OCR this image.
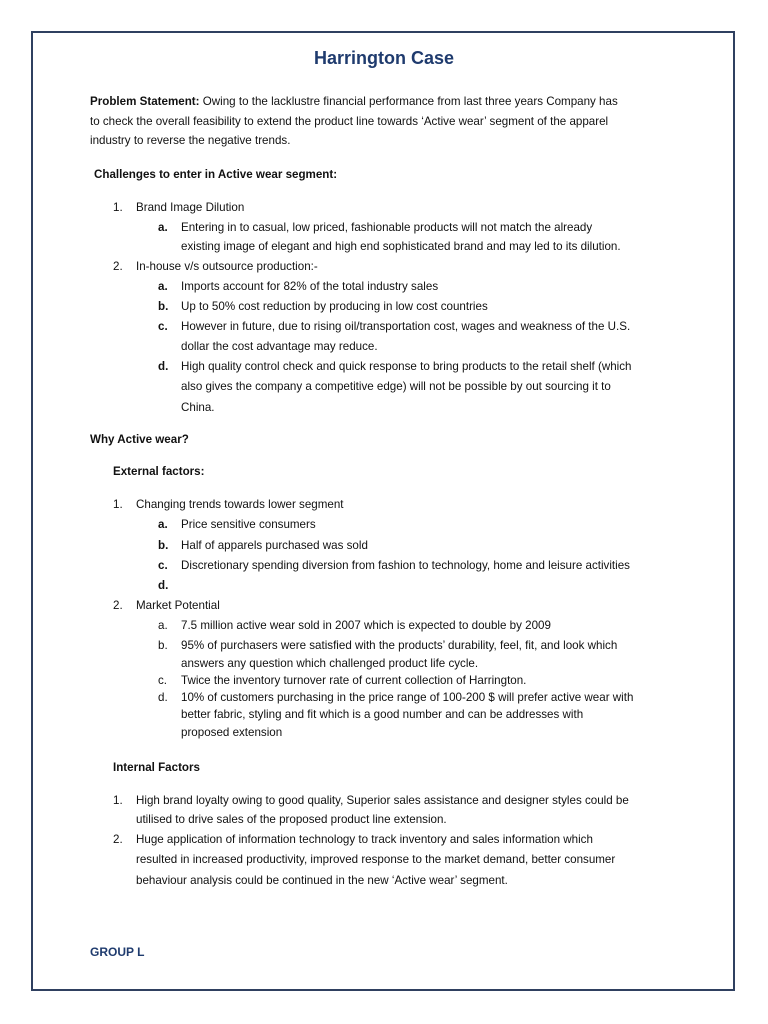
Harrington Case
Problem Statement: Owing to the lacklustre financial performance from last three years Company has
to check the overall feasibility to extend the product line towards ‘Active wear’ segment of the apparel
industry to reverse the negative trends.
Challenges to enter in Active wear segment:
1. Brand Image Dilution
a. Entering in to casual, low priced, fashionable products will not match the already
existing image of elegant and high end sophisticated brand and may led to its dilution.
2. In-house v/s outsource production:-
a. Imports account for 82% of the total industry sales
b. Up to 50% cost reduction by producing in low cost countries
c. However in future, due to rising oil/transportation cost, wages and weakness of the U.S.
dollar the cost advantage may reduce.
d. High quality control check and quick response to bring products to the retail shelf (which
also gives the company a competitive edge) will not be possible by out sourcing it to
China.
Why Active wear?
External factors:
1. Changing trends towards lower segment
a. Price sensitive consumers
b. Half of apparels purchased was sold
c. Discretionary spending diversion from fashion to technology, home and leisure activities
d.
2. Market Potential
a. 7.5 million active wear sold in 2007 which is expected to double by 2009
b. 95% of purchasers were satisfied with the products’ durability, feel, fit, and look which
answers any question which challenged product life cycle.
c. Twice the inventory turnover rate of current collection of Harrington.
d. 10% of customers purchasing in the price range of 100-200 $ will prefer active wear with
better fabric, styling and fit which is a good number and can be addresses with
proposed extension
Internal Factors
1. High brand loyalty owing to good quality, Superior sales assistance and designer styles could be
utilised to drive sales of the proposed product line extension.
2. Huge application of information technology to track inventory and sales information which
resulted in increased productivity, improved response to the market demand, better consumer
behaviour analysis could be continued in the new ‘Active wear’ segment.
GROUP L
